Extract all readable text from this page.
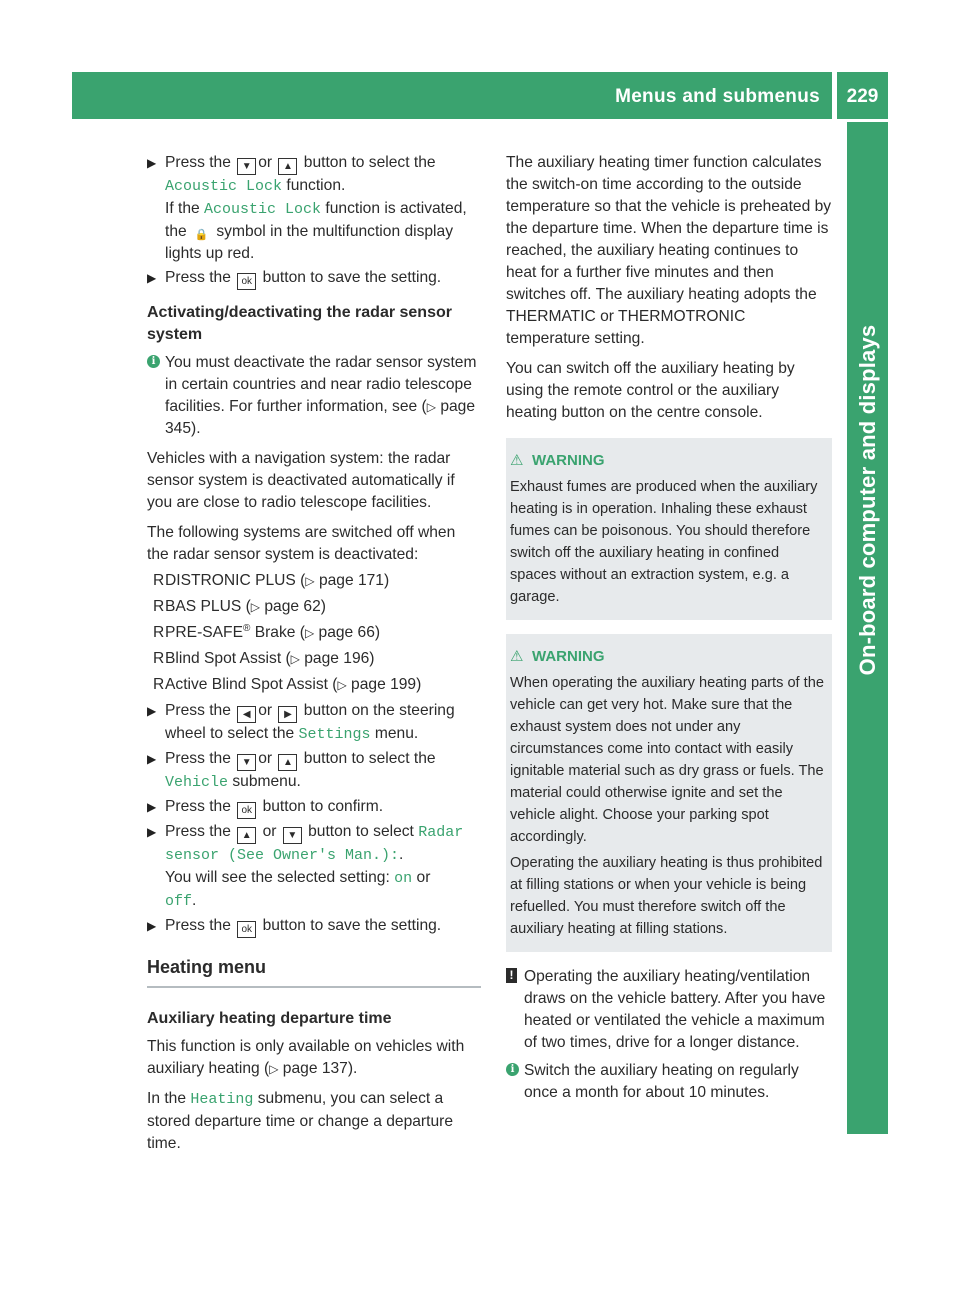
Menus and submenus	229
On-board computer and displays
▶ Press the ▼ or ▲ button to select the Acoustic Lock function.
If the Acoustic Lock function is activated, the 🔒 symbol in the multifunction display lights up red.
▶ Press the ok button to save the setting.
Activating/deactivating the radar sensor system
i You must deactivate the radar sensor system in certain countries and near radio telescope facilities. For further information, see (▷ page 345).

Vehicles with a navigation system: the radar sensor system is deactivated automatically if you are close to radio telescope facilities.

The following systems are switched off when the radar sensor system is deactivated:

R DISTRONIC PLUS (▷ page 171)
R BAS PLUS (▷ page 62)
R PRE-SAFE® Brake (▷ page 66)
R Blind Spot Assist (▷ page 196)
R Active Blind Spot Assist (▷ page 199)
▶ Press the ◀ or ▶ button on the steering wheel to select the Settings menu.
▶ Press the ▼ or ▲ button to select the Vehicle submenu.
▶ Press the ok button to confirm.
▶ Press the ▲ or ▼ button to select Radar sensor (See Owner's Man.):.
You will see the selected setting: on or
off.
▶ Press the ok button to save the setting.
Heating menu
Auxiliary heating departure time

This function is only available on vehicles with auxiliary heating (▷ page 137).

In the Heating submenu, you can select a stored departure time or change a departure time.

The auxiliary heating timer function calculates the switch-on time according to the outside temperature so that the vehicle is preheated by the departure time. When the departure time is reached, the auxiliary heating continues to heat for a further five minutes and then switches off. The auxiliary heating adopts the THERMATIC or THERMOTRONIC temperature setting.

You can switch off the auxiliary heating by using the remote control or the auxiliary heating button on the centre console.

⚠ WARNING

Exhaust fumes are produced when the auxiliary heating is in operation. Inhaling these exhaust fumes can be poisonous. You should therefore switch off the auxiliary heating in confined spaces without an extraction system, e.g. a garage.

⚠ WARNING

When operating the auxiliary heating parts of the vehicle can get very hot. Make sure that the exhaust system does not under any circumstances come into contact with easily ignitable material such as dry grass or fuels. The material could otherwise ignite and set the vehicle alight. Choose your parking spot accordingly.

Operating the auxiliary heating is thus prohibited at filling stations or when your vehicle is being refuelled. You must therefore switch off the auxiliary heating at filling stations.

! Operating the auxiliary heating/ventilation draws on the vehicle battery. After you have heated or ventilated the vehicle a maximum of two times, drive for a longer distance.
i Switch the auxiliary heating on regularly once a month for about 10 minutes.
